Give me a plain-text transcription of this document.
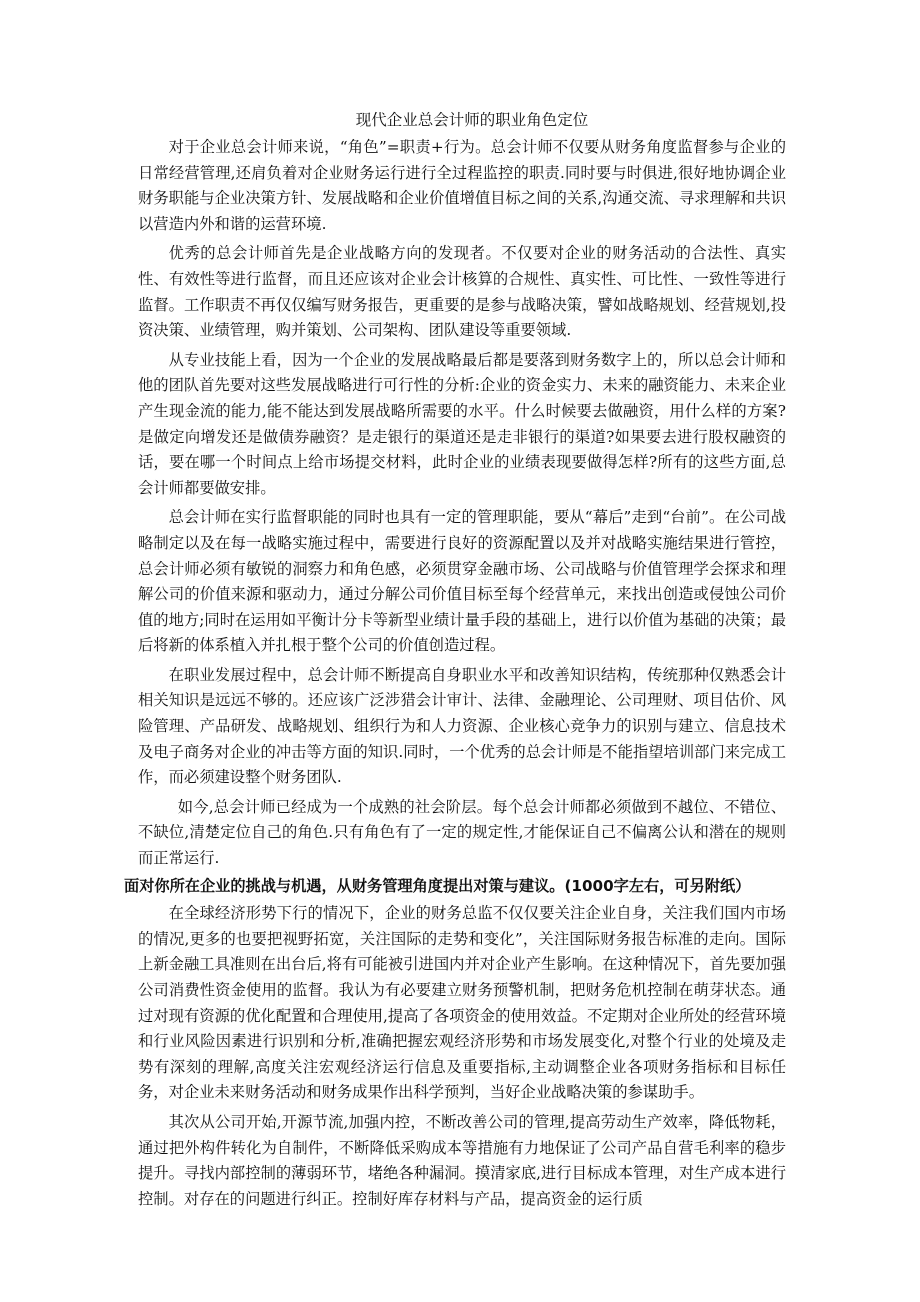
现代企业总会计师的职业角色定位

对于企业总会计师来说，“角色”=职责+行为。总会计师不仅要从财务角度监督参与企业的日常经营管理,还肩负着对企业财务运行进行全过程监控的职责.同时要与时俱进,很好地协调企业财务职能与企业决策方针、发展战略和企业价值增值目标之间的关系,沟通交流、寻求理解和共识以营造内外和谐的运营环境.

优秀的总会计师首先是企业战略方向的发现者。不仅要对企业的财务活动的合法性、真实性、有效性等进行监督，而且还应该对企业会计核算的合规性、真实性、可比性、一致性等进行监督。工作职责不再仅仅编写财务报告，更重要的是参与战略决策，譬如战略规划、经营规划,投资决策、业绩管理，购并策划、公司架构、团队建设等重要领域.

从专业技能上看，因为一个企业的发展战略最后都是要落到财务数字上的，所以总会计师和他的团队首先要对这些发展战略进行可行性的分析:企业的资金实力、未来的融资能力、未来企业产生现金流的能力,能不能达到发展战略所需要的水平。什么时候要去做融资，用什么样的方案?是做定向增发还是做债券融资？是走银行的渠道还是走非银行的渠道?如果要去进行股权融资的话，要在哪一个时间点上给市场提交材料，此时企业的业绩表现要做得怎样?所有的这些方面,总会计师都要做安排。

总会计师在实行监督职能的同时也具有一定的管理职能，要从“幕后”走到“台前”。在公司战略制定以及在每一战略实施过程中，需要进行良好的资源配置以及并对战略实施结果进行管控，总会计师必须有敏锐的洞察力和角色感，必须贯穿金融市场、公司战略与价值管理学会探求和理解公司的价值来源和驱动力，通过分解公司价值目标至每个经营单元，来找出创造或侵蚀公司价值的地方;同时在运用如平衡计分卡等新型业绩计量手段的基础上，进行以价值为基础的决策；最后将新的体系植入并扎根于整个公司的价值创造过程。

在职业发展过程中，总会计师不断提高自身职业水平和改善知识结构，传统那种仅熟悉会计相关知识是远远不够的。还应该广泛涉猎会计审计、法律、金融理论、公司理财、项目估价、风险管理、产品研发、战略规划、组织行为和人力资源、企业核心竞争力的识别与建立、信息技术及电子商务对企业的冲击等方面的知识.同时，一个优秀的总会计师是不能指望培训部门来完成工作，而必须建设整个财务团队.

如今,总会计师已经成为一个成熟的社会阶层。每个总会计师都必须做到不越位、不错位、不缺位,清楚定位自己的角色.只有角色有了一定的规定性,才能保证自己不偏离公认和潜在的规则而正常运行.

面对你所在企业的挑战与机遇，从财务管理角度提出对策与建议。(1000字左右，可另附纸）

在全球经济形势下行的情况下，企业的财务总监不仅仅要关注企业自身，关注我们国内市场的情况,更多的也要把视野拓宽，关注国际的走势和变化”，关注国际财务报告标准的走向。国际上新金融工具准则在出台后,将有可能被引进国内并对企业产生影响。在这种情况下，首先要加强公司消费性资金使用的监督。我认为有必要建立财务预警机制，把财务危机控制在萌芽状态。通过对现有资源的优化配置和合理使用,提高了各项资金的使用效益。不定期对企业所处的经营环境和行业风险因素进行识别和分析,准确把握宏观经济形势和市场发展变化,对整个行业的处境及走势有深刻的理解,高度关注宏观经济运行信息及重要指标,主动调整企业各项财务指标和目标任务，对企业未来财务活动和财务成果作出科学预判，当好企业战略决策的参谋助手。

其次从公司开始,开源节流,加强内控，不断改善公司的管理,提高劳动生产效率，降低物耗，通过把外构件转化为自制件，不断降低采购成本等措施有力地保证了公司产品自营毛利率的稳步提升。寻找内部控制的薄弱环节，堵绝各种漏洞。摸清家底,进行目标成本管理，对生产成本进行控制。对存在的问题进行纠正。控制好库存材料与产品，提高资金的运行质
